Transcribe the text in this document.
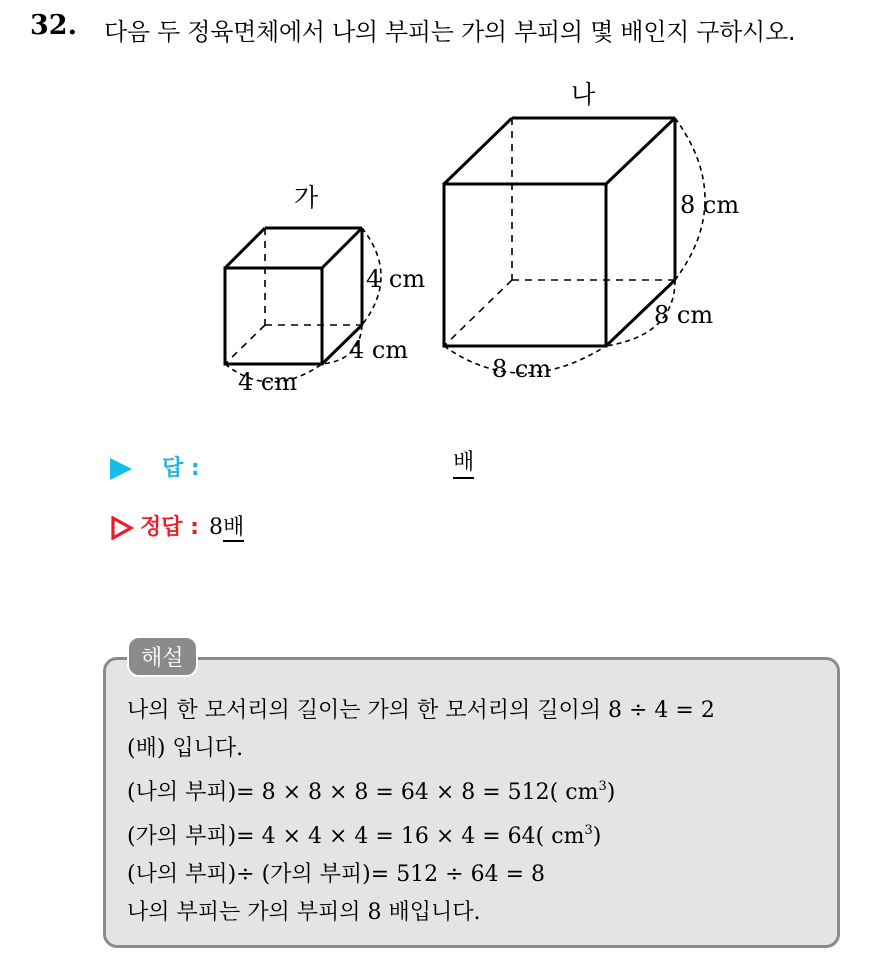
32. 다음 두 정육면체에서 나의 부피는 가의 부피의 몇 배인지 구하시오.
가
4 cm
4 cm
4 cm
나
8 cm
8 cm
8 cm
답 :	배
정답 : 8배
해설
나의 한 모서리의 길이는 가의 한 모서리의 길이의 8 ÷ 4 = 2
(배) 입니다.
(나의 부피)= 8 × 8 × 8 = 64 × 8 = 512( $cm^3$)
(가의 부피)= 4 × 4 × 4 = 16 × 4 = 64( $cm^3$)
(나의 부피)÷ (가의 부피)= 512 ÷ 64 = 8
나의 부피는 가의 부피의 8 배입니다.
